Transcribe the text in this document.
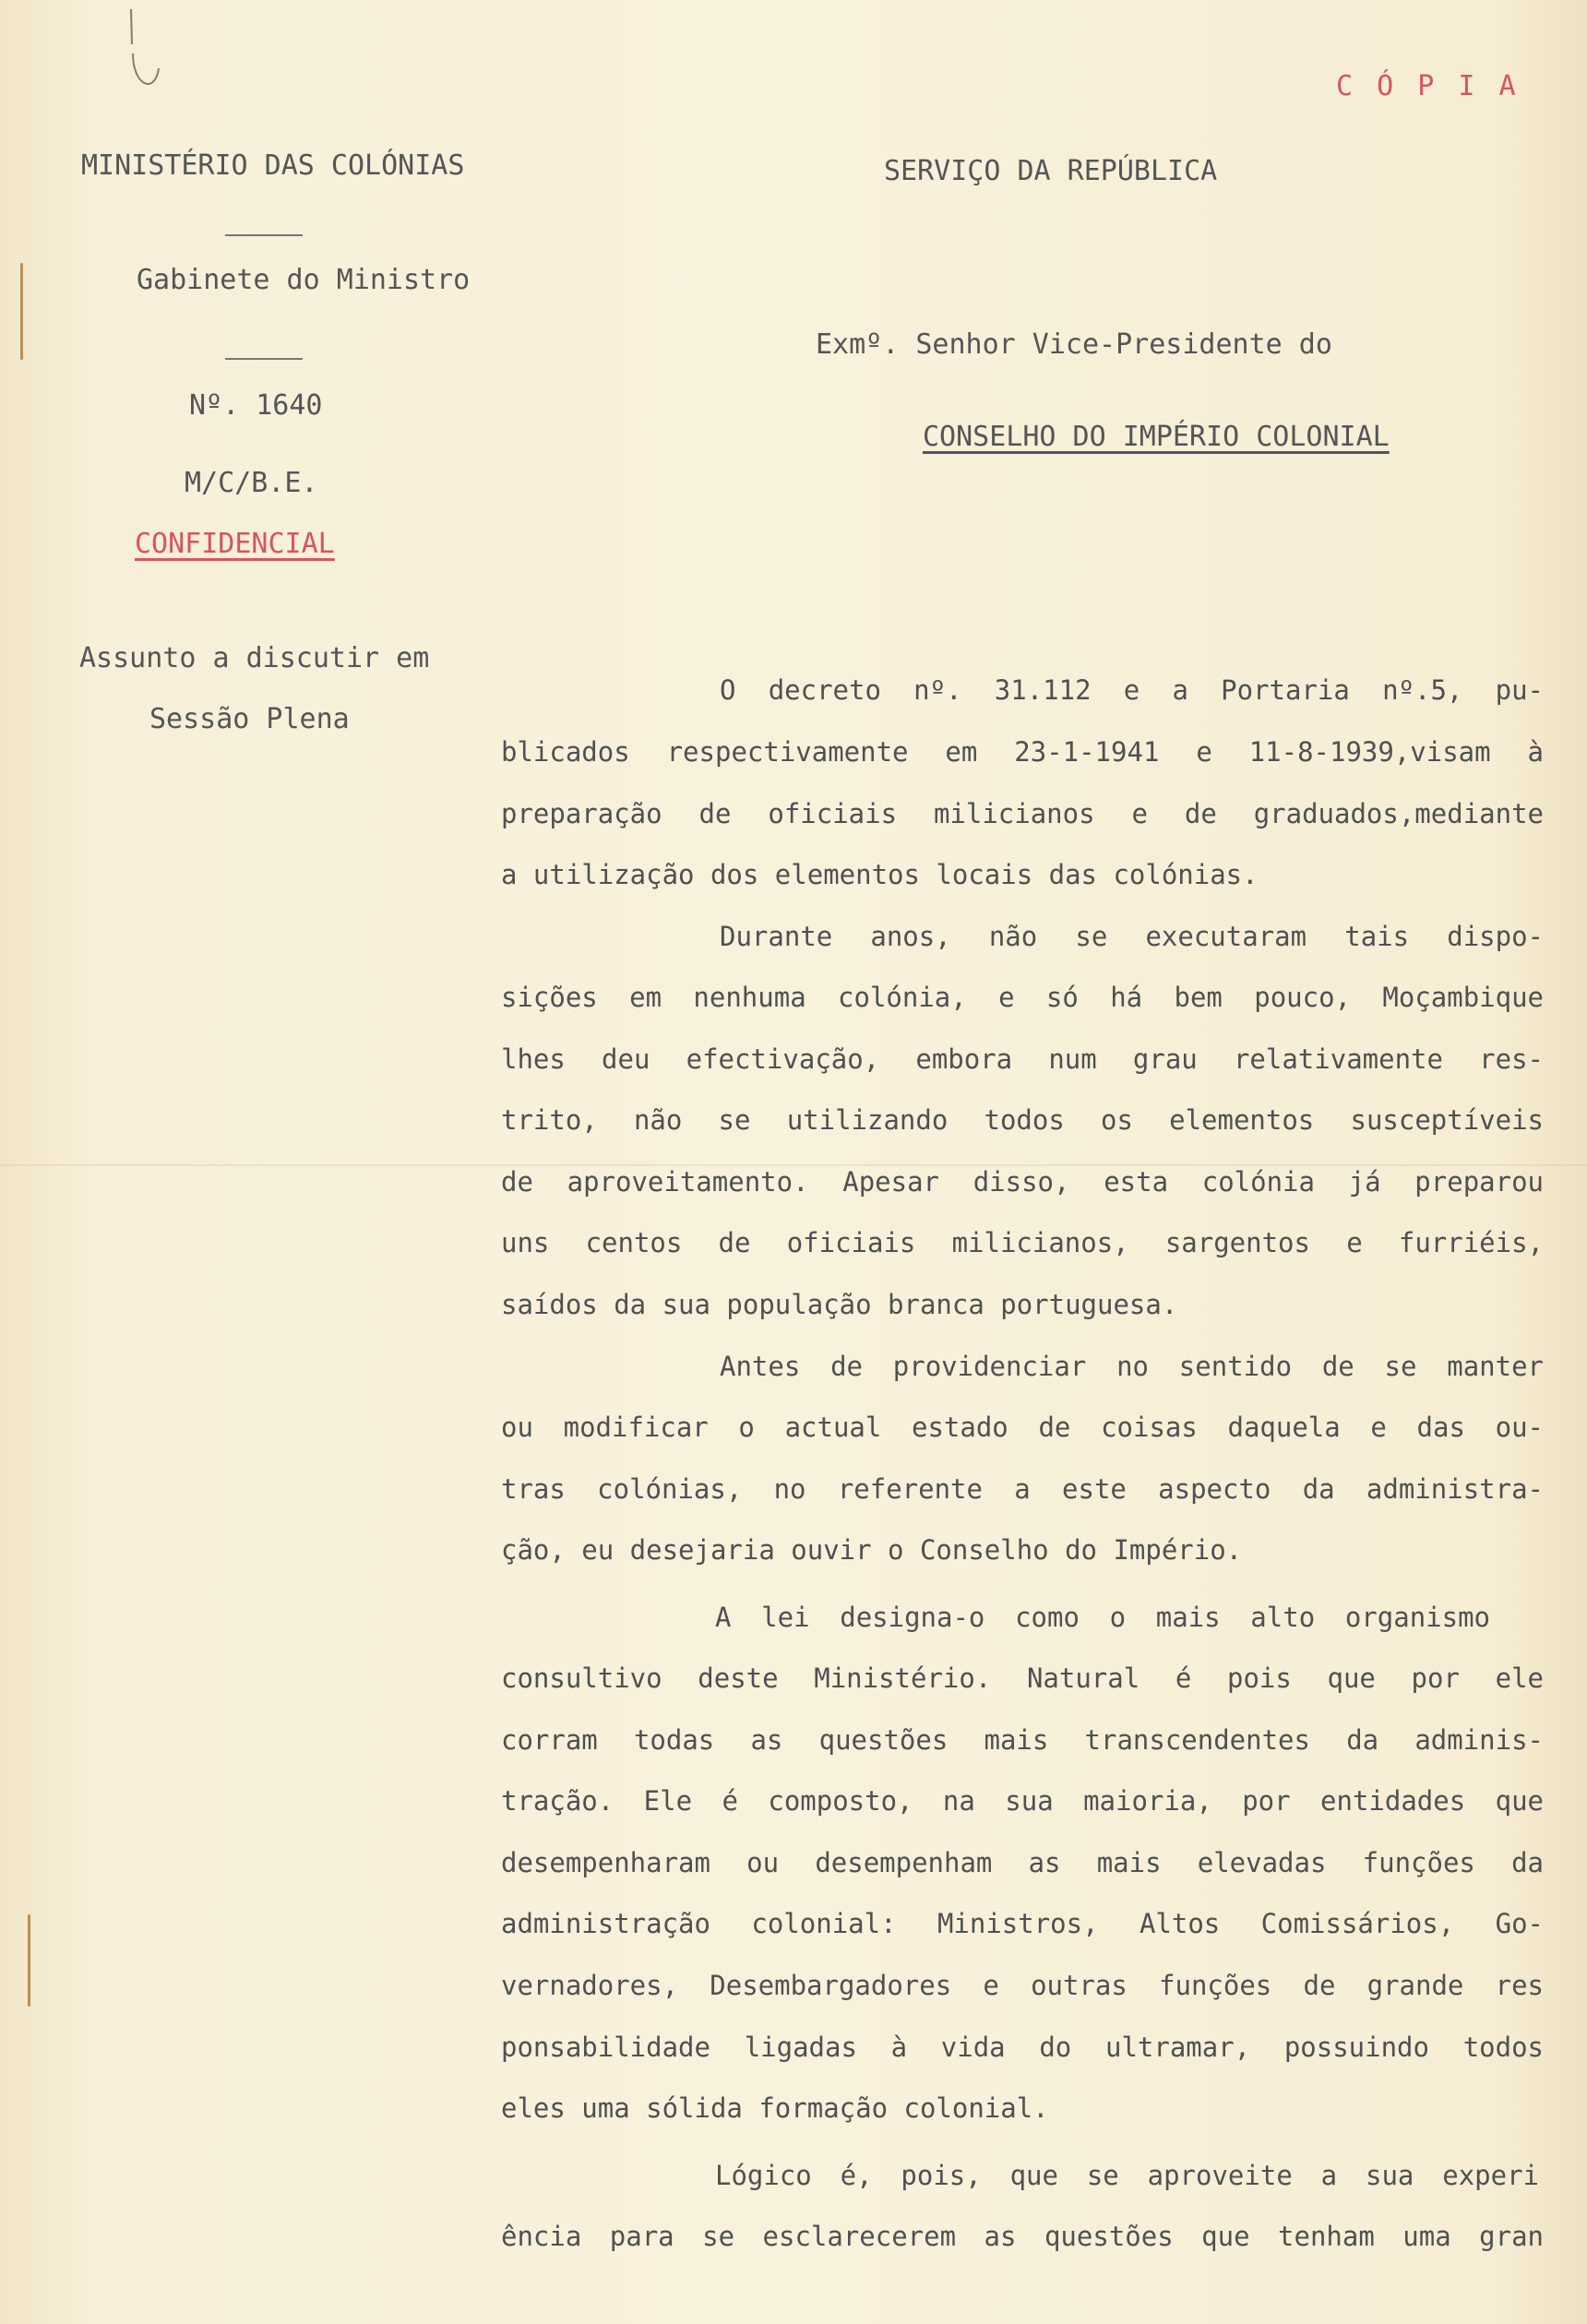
C Ó P I A
MINISTÉRIO DAS COLÓNIAS	SERVIÇO DA REPÚBLICA
Gabinete do Ministro
Exmº. Senhor Vice-Presidente do
CONSELHO DO IMPÉRIO COLONIAL
Nº. 1640
M/C/B.E.
CONFIDENCIAL
Assunto a discutir em
Sessão Plena
O decreto nº. 31.112 e a Portaria nº.5, pu-
blicados respectivamente em 23-1-1941 e 11-8-1939,visam à
preparação de oficiais milicianos e de graduados,mediante
a utilização dos elementos locais das colónias.
Durante anos, não se executaram tais dispo-
sições em nenhuma colónia, e só há bem pouco, Moçambique
lhes deu efectivação, embora num grau relativamente res-
trito, não se utilizando todos os elementos susceptíveis
de aproveitamento. Apesar disso, esta colónia já preparou
uns centos de oficiais milicianos, sargentos e furriéis,
saídos da sua população branca portuguesa.
Antes de providenciar no sentido de se manter
ou modificar o actual estado de coisas daquela e das ou-
tras colónias, no referente a este aspecto da administra-
ção, eu desejaria ouvir o Conselho do Império.
A lei designa-o como o mais alto organismo
consultivo deste Ministério. Natural é pois que por ele
corram todas as questões mais transcendentes da adminis-
tração. Ele é composto, na sua maioria, por entidades que
desempenharam ou desempenham as mais elevadas funções da
administração colonial: Ministros, Altos Comissários, Go-
vernadores, Desembargadores e outras funções de grande res
ponsabilidade ligadas à vida do ultramar, possuindo todos
eles uma sólida formação colonial.
Lógico é, pois, que se aproveite a sua experi
ência para se esclarecerem as questões que tenham uma gran
